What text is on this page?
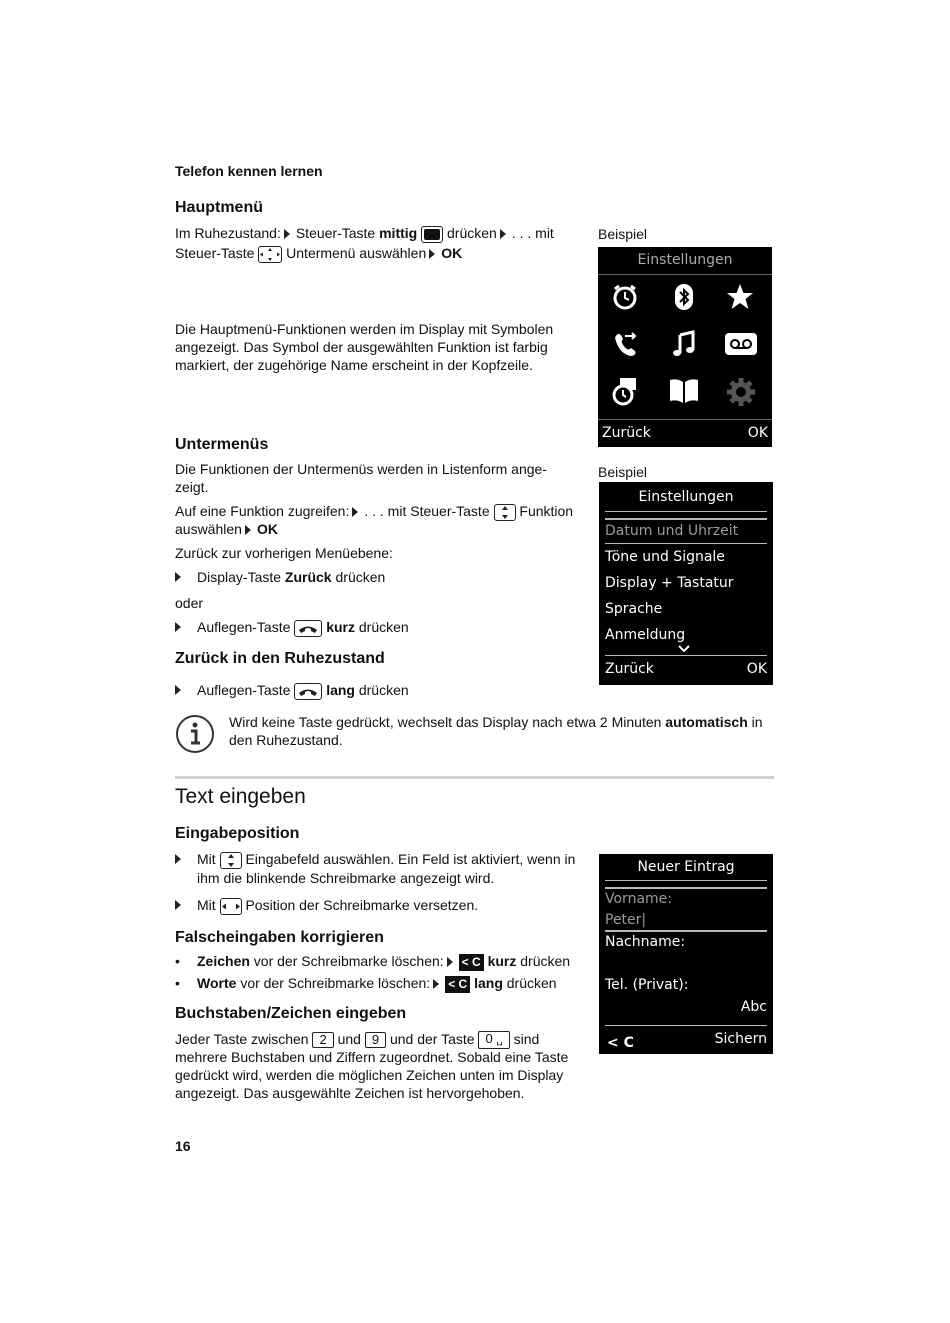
Telefon kennen lernen
Hauptmenü
Im Ruhezustand: Steuer-Taste mittig drücken . . . mit
Steuer-Taste Untermenü auswählen OK
Die Hauptmenü-Funktionen werden im Display mit Symbolen angezeigt. Das Symbol der ausgewählten Funktion ist farbig markiert, der zugehörige Name erscheint in der Kopfzeile.
Beispiel
Einstellungen
Zurück	OK
Untermenüs
Die Funktionen der Untermenüs werden in Listenform ange-zeigt.
Auf eine Funktion zugreifen: . . . mit Steuer-Taste Funktion
auswählen OK
Zurück zur vorherigen Menüebene:
Display-Taste Zurück drücken
oder
Auflegen-Taste	kurz drücken
Beispiel
Einstellungen
Datum und Uhrzeit
Töne und Signale
Display + Tastatur
Sprache
Anmeldung
Zurück	OK
Zurück in den Ruhezustand
Auflegen-Taste	lang drücken
Wird keine Taste gedrückt, wechselt das Display nach etwa 2 Minuten automatisch in den Ruhezustand.
Text eingeben
Eingabeposition
Mit Eingabefeld auswählen. Ein Feld ist aktiviert, wenn in ihm die blinkende Schreibmarke angezeigt wird.
Mit Position der Schreibmarke versetzen.
Falscheingaben korrigieren
• Zeichen vor der Schreibmarke löschen: < C kurz drücken
• Worte vor der Schreibmarke löschen: < C lang drücken
Buchstaben/Zeichen eingeben
Jeder Taste zwischen 2 und 9 und der Taste 0 ␣ sind
mehrere Buchstaben und Ziffern zugeordnet. Sobald eine Taste gedrückt wird, werden die möglichen Zeichen unten im Display angezeigt. Das ausgewählte Zeichen ist hervorgehoben.
Neuer Eintrag
Vorname:
Peter|
Nachname:
Tel. (Privat):
Abc
< C	Sichern
16
